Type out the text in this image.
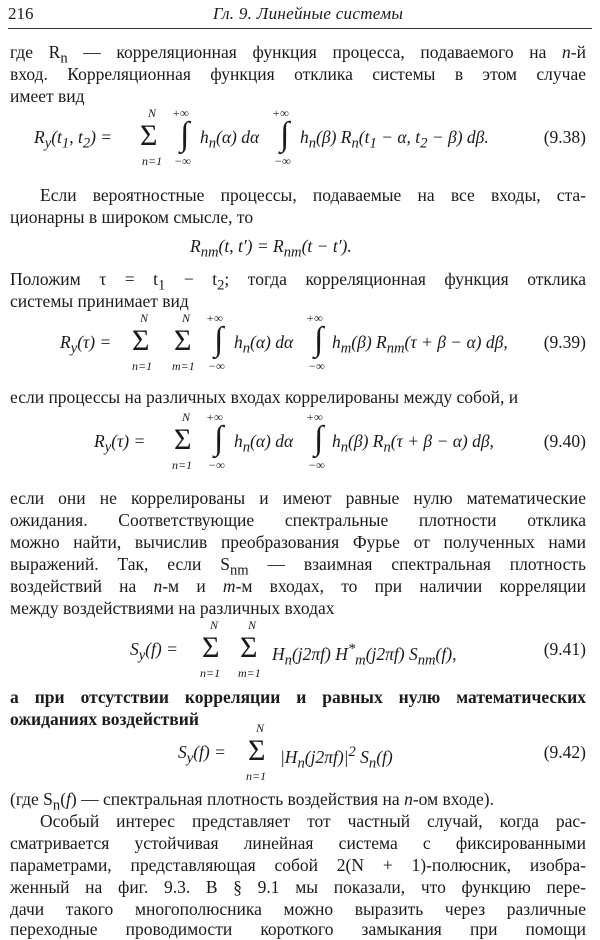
216	Гл. 9. Линейные системы
где $R_n$ — корреляционная функция процесса, подаваемого на n-й
вход. Корреляционная функция отклика системы в этом случае
имеет вид
$R_y(t_1$, $t_2$) =
N
Σ
n=1
+∞
∫
−∞
$h_n(\alpha)$ dα
+∞
∫
−∞
$h_n(\beta) R_n(t_1 - \alpha$, $t_2 - \beta$) dβ.	(9.38)
Если вероятностные процессы, подаваемые на все входы, ста-
ционарны в широком смысле, то
$R_{nm}(t$, $t') = R_{nm}(t - t')$.
Положим $\tau = t_1 - t_2$; тогда корреляционная функция отклика
системы принимает вид
$R_y(\tau)$ =
N
Σ
n=1
N
Σ
m=1
+∞
∫
−∞
$h_n(\alpha)$ dα
+∞
∫
−∞
$h_m(\beta) R_{nm}(\tau + \beta - \alpha)$ dβ, (9.39)
если процессы на различных входах коррелированы между собой, и
$R_y(\tau)$ =
N
Σ
n=1
+∞
∫
−∞
$h_n(\alpha)$ dα
+∞
∫
−∞
$h_n(\beta) R_n(\tau + \beta - \alpha)$ dβ,	(9.40)
если они не коррелированы и имеют равные нулю математические
ожидания. Соответствующие спектральные плотности отклика
можно найти, вычислив преобразования Фурье от полученных нами
выражений. Так, если $S_{nm}$ — взаимная спектральная плотность
воздействий на n-м и m-м входах, то при наличии корреляции
между воздействиями на различных входах
$S_y(f)$ =
N
Σ
n=1
N
Σ
m=1
$H_n(j2\pi f)$ $H^*_m(j2\pi f)$ $S_{nm}(f)$,	(9.41)
а при отсутствии корреляции и равных нулю математических
ожиданиях воздействий
$S_y(f)$ =
N
Σ
n=1
$|H_n(j2\pi f)|^2$ $S_n(f)$	(9.42)
(где $S_n(f)$ — спектральная плотность воздействия на n-ом входе).
Особый интерес представляет тот частный случай, когда рас-
сматривается устойчивая линейная система с фиксированными
параметрами, представляющая собой 2(N + 1)-полюсник, изобра-
женный на фиг. 9.3. В § 9.1 мы показали, что функцию пере-
дачи такого многополюсника можно выразить через различные
переходные проводимости короткого замыкания при помощи
